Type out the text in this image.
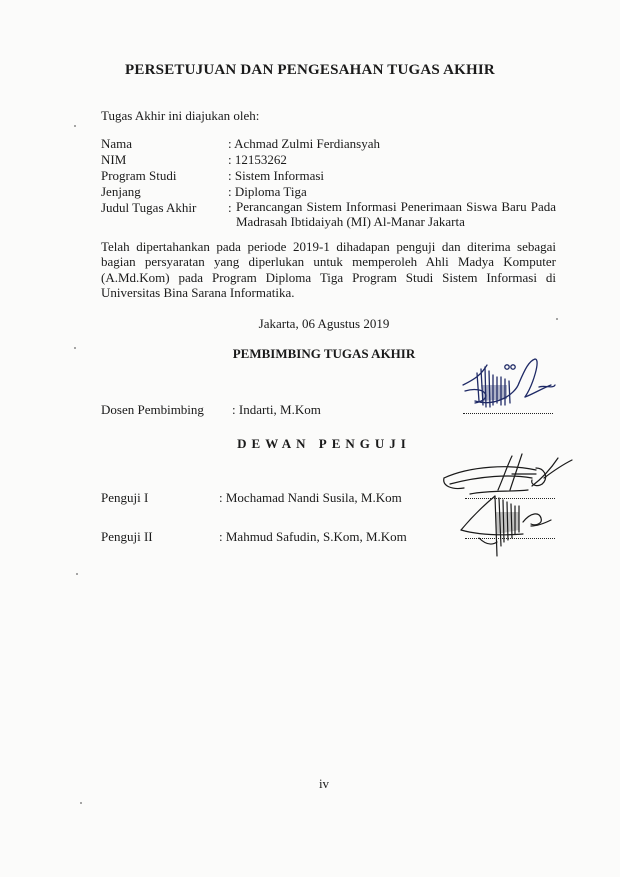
PERSETUJUAN DAN PENGESAHAN TUGAS AKHIR
Tugas Akhir ini diajukan oleh:
Nama	: Achmad Zulmi Ferdiansyah
NIM	: 12153262
Program Studi	: Sistem Informasi
Jenjang	: Diploma Tiga
Judul Tugas Akhir : Perancangan Sistem Informasi Penerimaan Siswa Baru Pada Madrasah Ibtidaiyah (MI) Al-Manar Jakarta
Telah dipertahankan pada periode 2019-1 dihadapan penguji dan diterima sebagai bagian persyaratan yang diperlukan untuk memperoleh Ahli Madya Komputer (A.Md.Kom) pada Program Diploma Tiga Program Studi Sistem Informasi di Universitas Bina Sarana Informatika.
Jakarta, 06 Agustus 2019
PEMBIMBING TUGAS AKHIR
Dosen Pembimbing : Indarti, M.Kom
DEWAN PENGUJI
Penguji I	: Mochamad Nandi Susila, M.Kom
Penguji II	: Mahmud Safudin, S.Kom, M.Kom
iv
